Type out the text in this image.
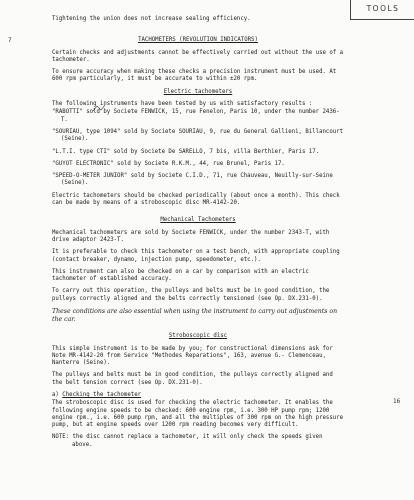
TOOLS
7
16

Tightening the union does not increase sealing efficiency.

TACHOMETERS (REVOLUTION INDICATORS)

Certain checks and adjustments cannot be effectively carried out without the use of a tachometer.

To ensure accuracy when making these checks a precision instrument must be used. At 600 rpm particularly, it must be accurate to within ±20 rpm.

Electric tachometers

The following instruments have been tested by us with satisfactory results :

"RABOTTI" sold by Societe FENWICK, 15, rue Fenelon, Paris 10, under the number 2436-T.

"SOURIAU, type 1094" sold by Societe SOURIAU, 9, rue du General Gallieni, Billancourt (Seine).

"L.T.I. type CTI" sold by Societe De SARELLO, 7 bis, villa Berthier, Paris 17.

"GUYOT ELECTRONIC" sold by Societe R.K.M., 44, rue Brunel, Paris 17.

"SPEED-O-METER JUNIOR" sold by Societe C.I.D., 71, rue Chauveau, Neuilly-sur-Seine (Seine).

Electric tachometers should be checked periodically (about once a month). This check can be made by means of a stroboscopic disc MR-4142-20.

Mechanical Tachometers

Mechanical tachometers are sold by Societe FENWICK, under the number 2343-T, with drive adaptor 2423-T.

It is preferable to check this tachometer on a test bench, with appropriate coupling (contact breaker, dynamo, injection pump, speedometer, etc.).

This instrument can also be checked on a car by comparison with an electric tachometer of established accuracy.

To carry out this operation, the pulleys and belts must be in good condition, the pulleys correctly aligned and the belts correctly tensioned (see Op. DX.231-0).

These conditions are also essential when using the instrument to carry out adjustments on the car.

Stroboscopic disc

This simple instrument is to be made by you; for constructional dimensions ask for Note MR-4142-20 from Service "Methodes Reparations", 163, avenue G.- Clemenceau, Nanterre (Seine).

The pulleys and belts must be in good condition, the pulleys correctly aligned and the belt tension correct (see Op. DX.231-0).

a) Checking the tachometer

The stroboscopic disc is used for checking the electric tachometer. It enables the following engine speeds to be checked: 600 engine rpm, i.e. 300 HP pump rpm; 1200 engine rpm., i.e. 600 pump rpm, and all the multiples of 300 rpm on the high pressure pump, but at engine speeds over 1200 rpm reading becomes very difficult.

NOTE: the disc cannot replace a tachometer, it will only check the speeds given above.
